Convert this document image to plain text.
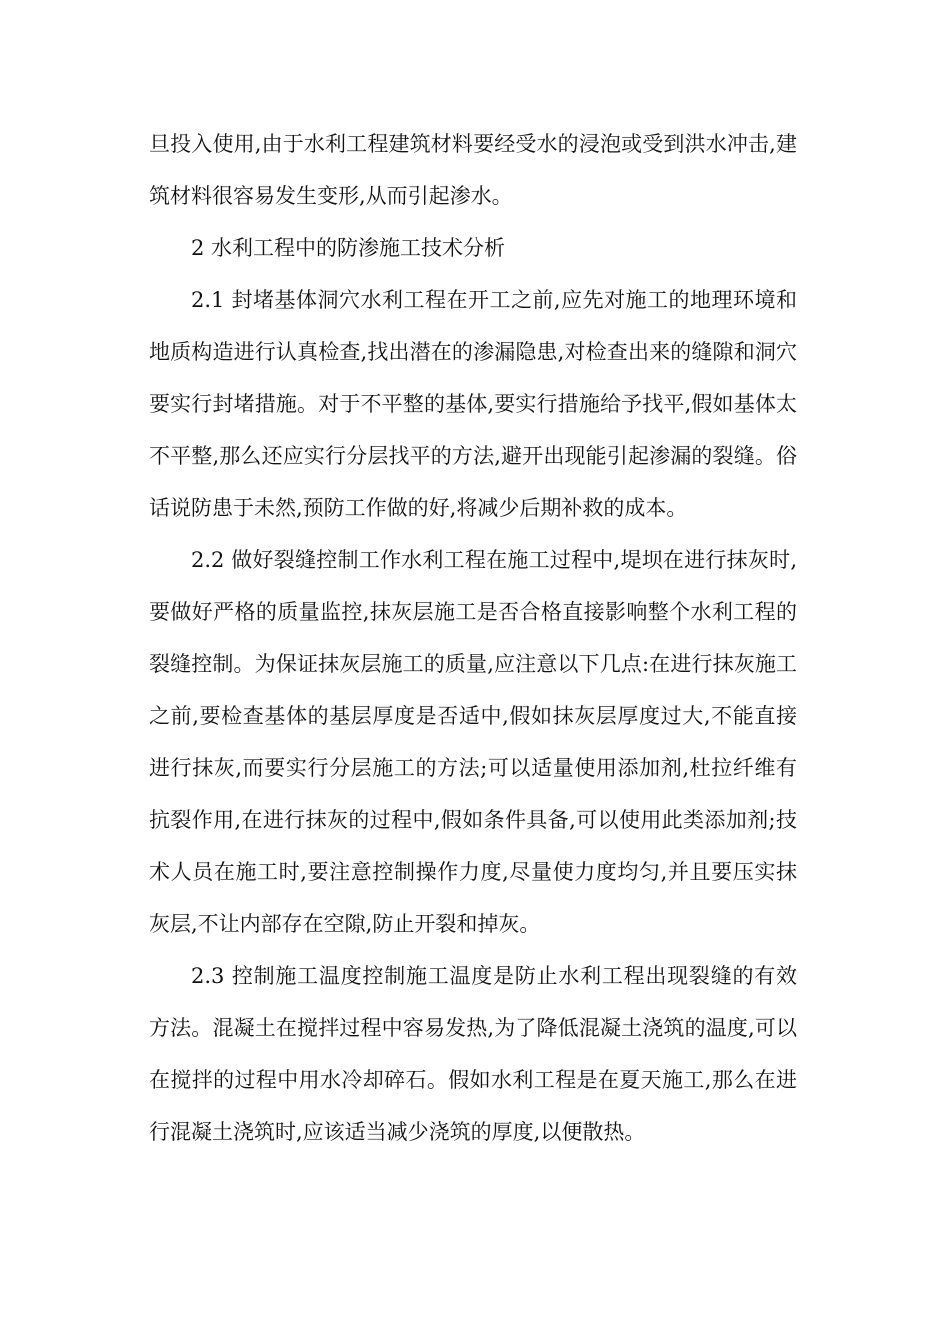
旦投入使用,由于水利工程建筑材料要经受水的浸泡或受到洪水冲击,建筑材料很容易发生变形,从而引起渗水。

2 水利工程中的防渗施工技术分析

2.1 封堵基体洞穴水利工程在开工之前,应先对施工的地理环境和地质构造进行认真检查,找出潜在的渗漏隐患,对检查出来的缝隙和洞穴要实行封堵措施。对于不平整的基体,要实行措施给予找平,假如基体太不平整,那么还应实行分层找平的方法,避开出现能引起渗漏的裂缝。俗话说防患于未然,预防工作做的好,将减少后期补救的成本。

2.2 做好裂缝控制工作水利工程在施工过程中,堤坝在进行抹灰时,要做好严格的质量监控,抹灰层施工是否合格直接影响整个水利工程的裂缝控制。为保证抹灰层施工的质量,应注意以下几点:在进行抹灰施工之前,要检查基体的基层厚度是否适中,假如抹灰层厚度过大,不能直接进行抹灰,而要实行分层施工的方法;可以适量使用添加剂,杜拉纤维有抗裂作用,在进行抹灰的过程中,假如条件具备,可以使用此类添加剂;技术人员在施工时,要注意控制操作力度,尽量使力度均匀,并且要压实抹灰层,不让内部存在空隙,防止开裂和掉灰。

2.3 控制施工温度控制施工温度是防止水利工程出现裂缝的有效方法。混凝土在搅拌过程中容易发热,为了降低混凝土浇筑的温度,可以在搅拌的过程中用水冷却碎石。假如水利工程是在夏天施工,那么在进行混凝土浇筑时,应该适当减少浇筑的厚度,以便散热。
